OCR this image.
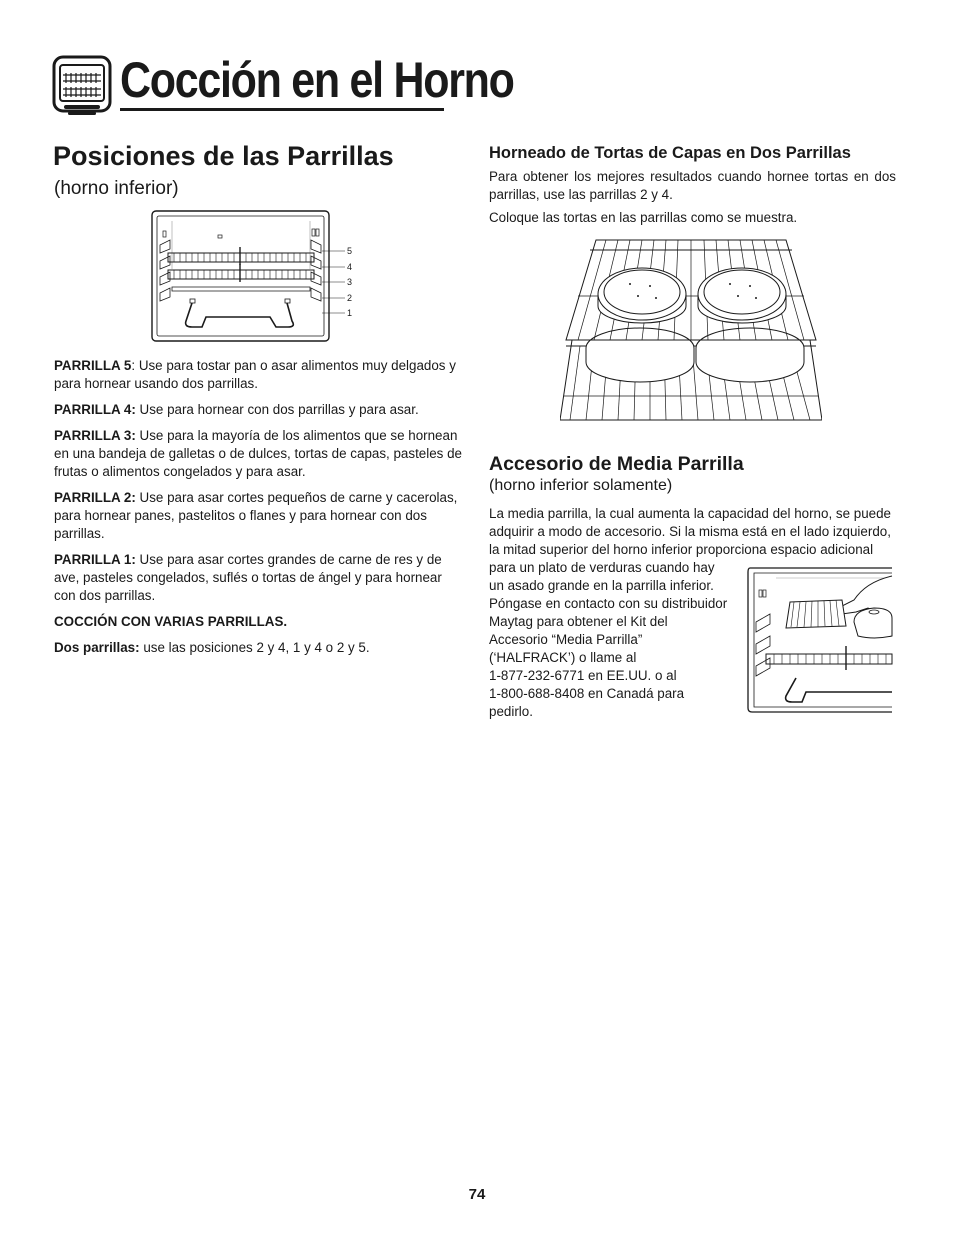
Cocción en el Horno
Posiciones de las Parrillas
(horno inferior)
5
4
3
2
1

PARRILLA 5: Use para tostar pan o asar alimentos muy delgados y para hornear usando dos parrillas.

PARRILLA 4: Use para hornear con dos parrillas y para asar.

PARRILLA 3: Use para la mayoría de los alimentos que se hornean en una bandeja de galletas o de dulces, tortas de capas, pasteles de frutas o alimentos congelados y para asar.

PARRILLA 2: Use para asar cortes pequeños de carne y cacerolas, para hornear panes, pastelitos o flanes y para hornear con dos parrillas.

PARRILLA 1: Use para asar cortes grandes de carne de res y de ave, pasteles congelados, suflés o tortas de ángel y para hornear con dos parrillas.

COCCIÓN CON VARIAS PARRILLAS.

Dos parrillas: use las posiciones 2 y 4, 1 y 4 o 2 y 5.

Horneado de Tortas de Capas en Dos Parrillas
Para obtener los mejores resultados cuando hornee tortas en dos parrillas, use las parrillas 2 y 4.
Coloque las tortas en las parrillas como se muestra.
Accesorio de Media Parrilla
(horno inferior solamente)
La media parrilla, la cual aumenta la capacidad del horno, se puede adquirir a modo de accesorio. Si la misma está en el lado izquierdo, la mitad superior del horno inferior proporciona espacio adicional
para un plato de verduras cuando hay
un asado grande en la parrilla inferior.
Póngase en contacto con su distribuidor
Maytag para obtener el Kit del
Accesorio “Media Parrilla”
(‘HALFRACK’) o llame al
1-877-232-6771 en EE.UU. o al
1-800-688-8408 en Canadá para
pedirlo.
74
